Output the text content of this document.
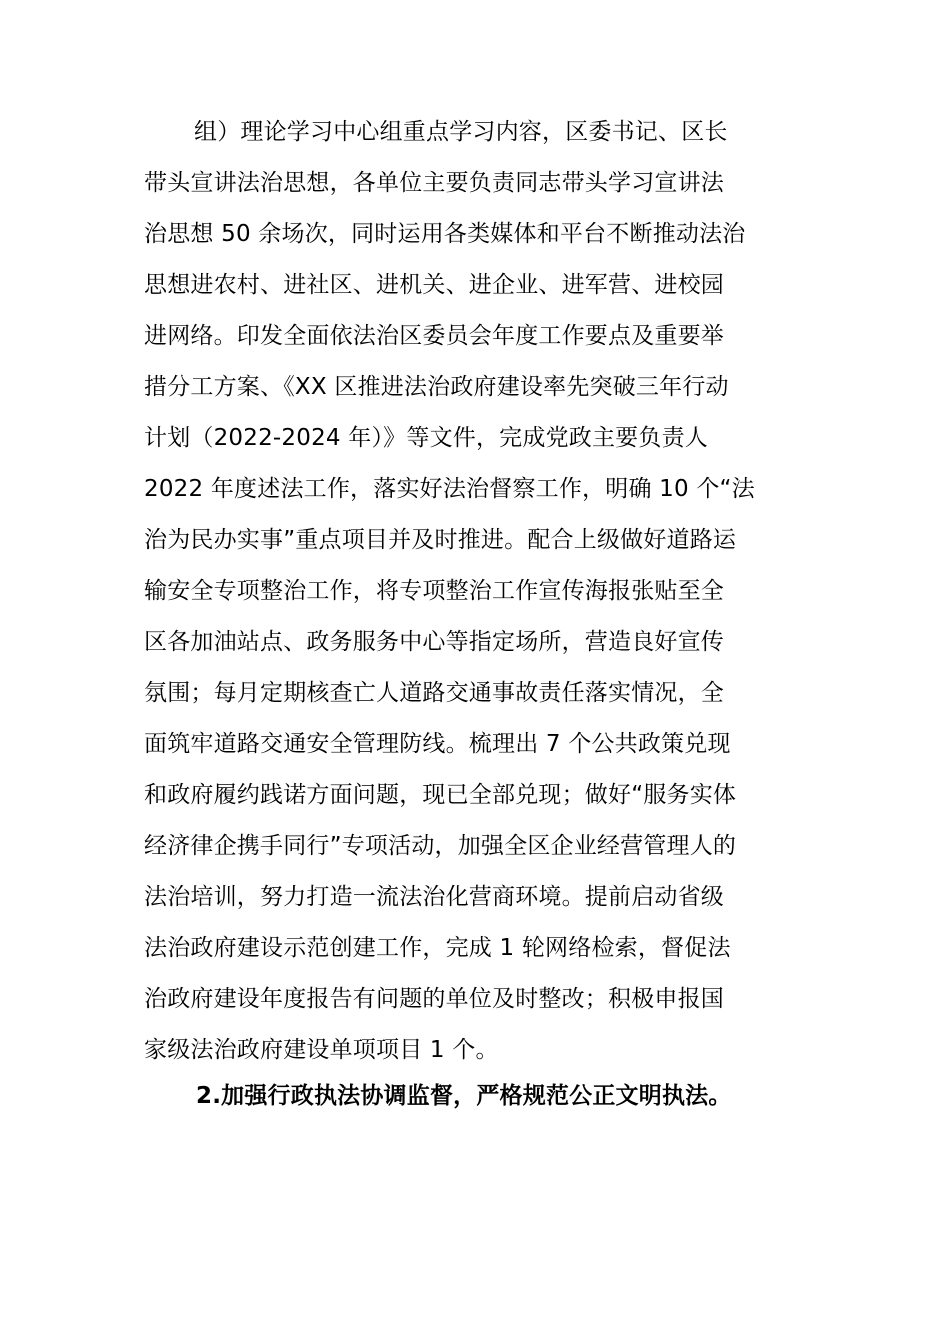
组）理论学习中心组重点学习内容，区委书记、区长
带头宣讲法治思想，各单位主要负责同志带头学习宣讲法
治思想 50 余场次，同时运用各类媒体和平台不断推动法治
思想进农村、进社区、进机关、进企业、进军营、进校园
进网络。印发全面依法治区委员会年度工作要点及重要举
措分工方案、《XX 区推进法治政府建设率先突破三年行动
计划（2022-2024 年）》等文件，完成党政主要负责人
2022 年度述法工作，落实好法治督察工作，明确 10 个“法
治为民办实事”重点项目并及时推进。配合上级做好道路运
输安全专项整治工作，将专项整治工作宣传海报张贴至全
区各加油站点、政务服务中心等指定场所，营造良好宣传
氛围；每月定期核查亡人道路交通事故责任落实情况，全
面筑牢道路交通安全管理防线。梳理出 7 个公共政策兑现
和政府履约践诺方面问题，现已全部兑现；做好“服务实体
经济律企携手同行”专项活动，加强全区企业经营管理人的
法治培训，努力打造一流法治化营商环境。提前启动省级
法治政府建设示范创建工作，完成 1 轮网络检索，督促法
治政府建设年度报告有问题的单位及时整改；积极申报国
家级法治政府建设单项项目 1 个。
2.加强行政执法协调监督，严格规范公正文明执法。
